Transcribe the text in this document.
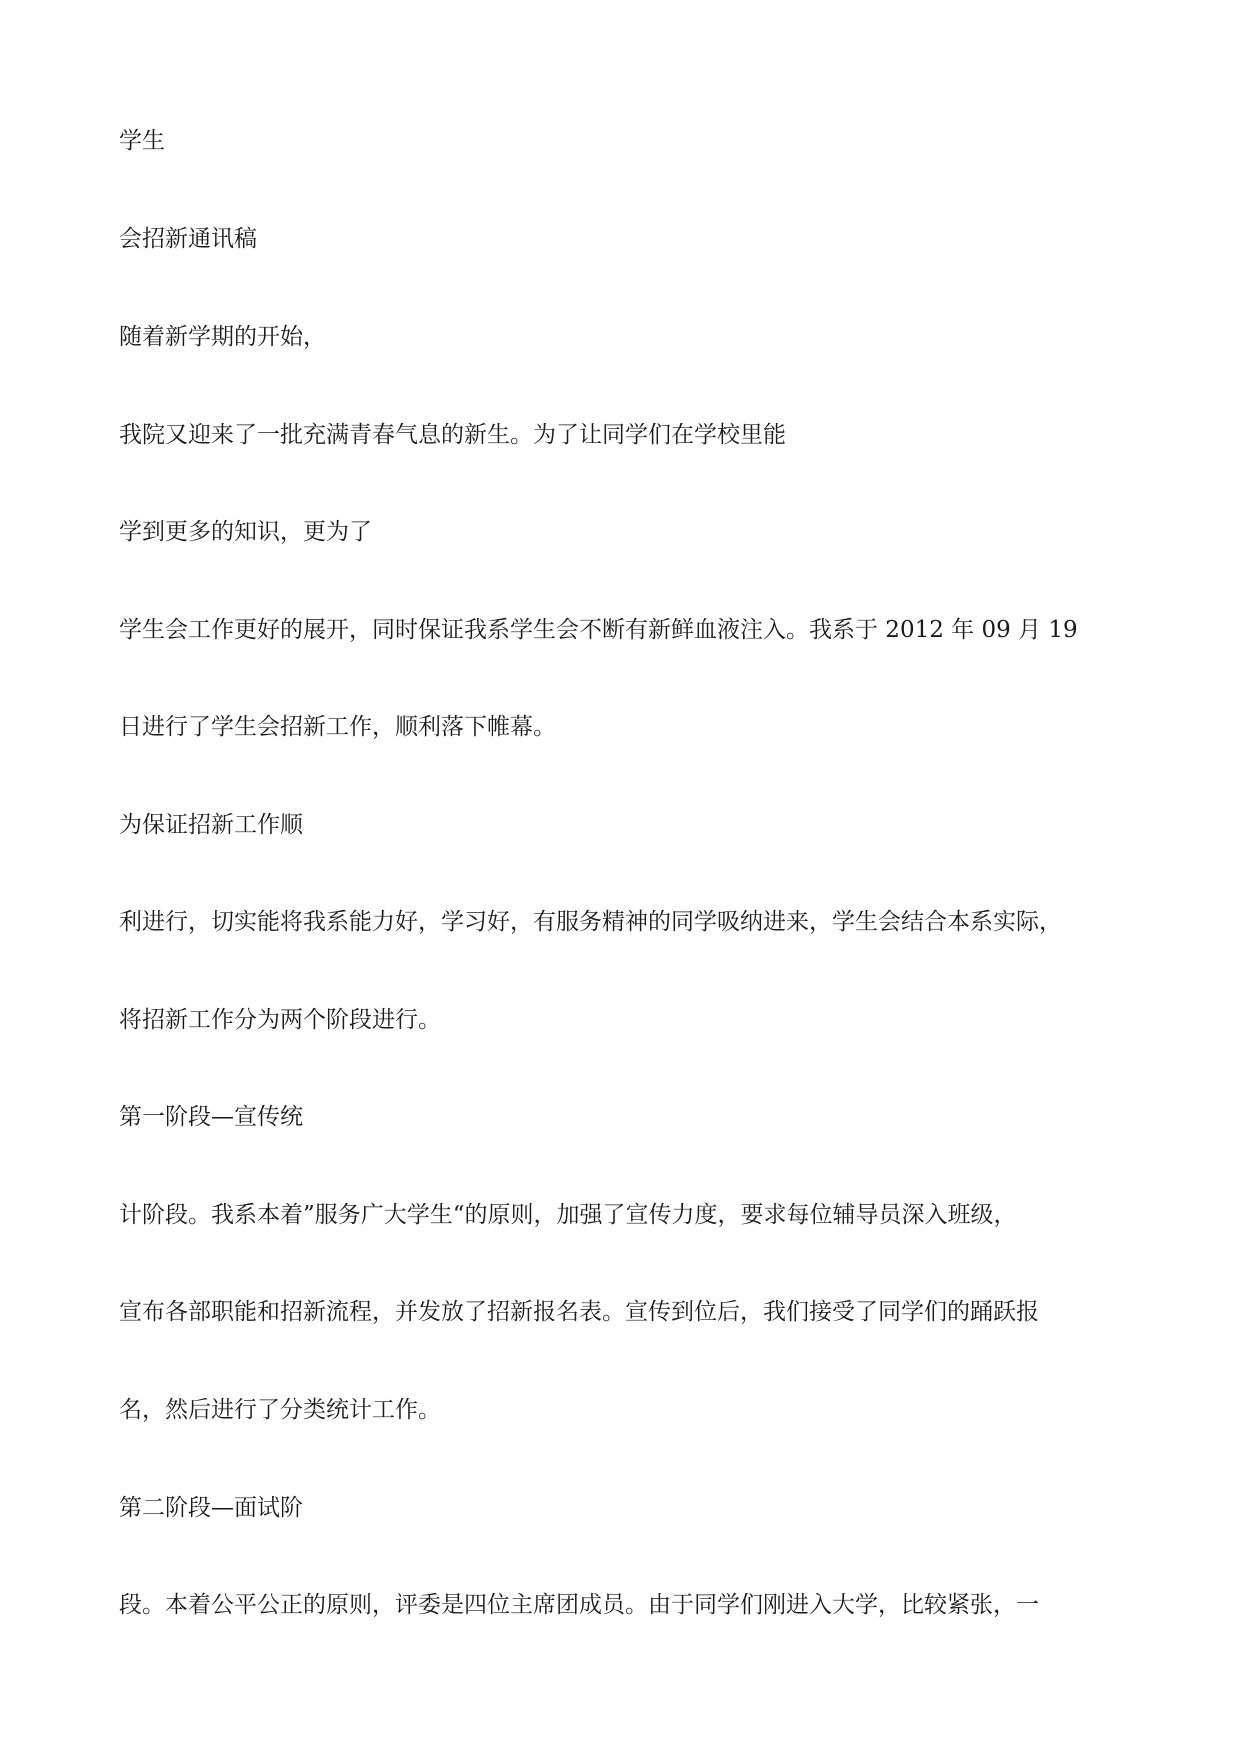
学生

会招新通讯稿

随着新学期的开始，

我院又迎来了一批充满青春气息的新生。为了让同学们在学校里能

学到更多的知识，更为了

学生会工作更好的展开，同时保证我系学生会不断有新鲜血液注入。我系于 2012 年 09 月 19

日进行了学生会招新工作，顺利落下帷幕。

为保证招新工作顺

利进行，切实能将我系能力好，学习好，有服务精神的同学吸纳进来，学生会结合本系实际，

将招新工作分为两个阶段进行。

第一阶段—宣传统

计阶段。我系本着”服务广大学生“的原则，加强了宣传力度，要求每位辅导员深入班级，

宣布各部职能和招新流程，并发放了招新报名表。宣传到位后，我们接受了同学们的踊跃报

名，然后进行了分类统计工作。

第二阶段—面试阶

段。本着公平公正的原则，评委是四位主席团成员。由于同学们刚进入大学，比较紧张，一
